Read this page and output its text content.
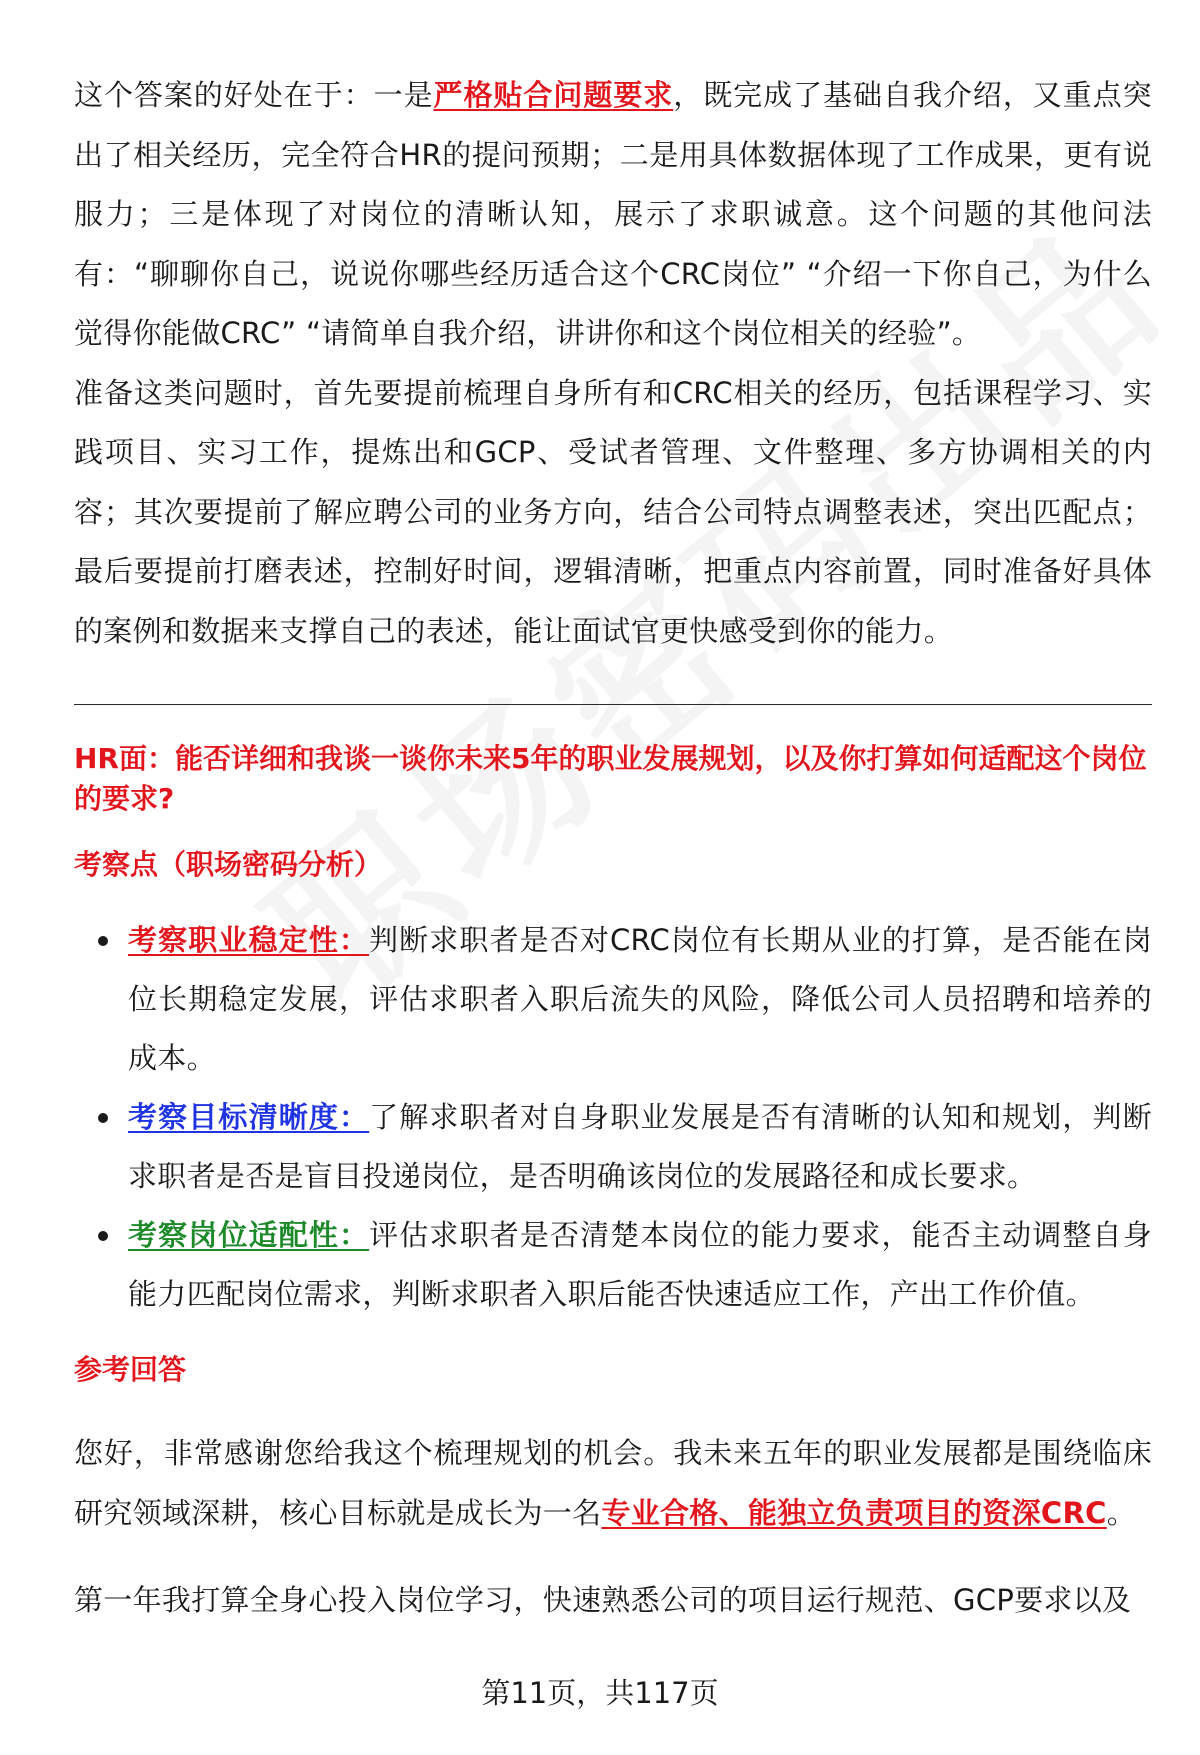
这个答案的好处在于：一是严格贴合问题要求，既完成了基础自我介绍，又重点突出了相关经历，完全符合HR的提问预期；二是用具体数据体现了工作成果，更有说服力；三是体现了对岗位的清晰认知，展示了求职诚意。这个问题的其他问法有：“聊聊你自己，说说你哪些经历适合这个CRC岗位” “介绍一下你自己，为什么觉得你能做CRC” “请简单自我介绍，讲讲你和这个岗位相关的经验”。

准备这类问题时，首先要提前梳理自身所有和CRC相关的经历，包括课程学习、实践项目、实习工作，提炼出和GCP、受试者管理、文件整理、多方协调相关的内容；其次要提前了解应聘公司的业务方向，结合公司特点调整表述，突出匹配点；最后要提前打磨表述，控制好时间，逻辑清晰，把重点内容前置，同时准备好具体的案例和数据来支撑自己的表述，能让面试官更快感受到你的能力。

HR面：能否详细和我谈一谈你未来5年的职业发展规划，以及你打算如何适配这个岗位的要求?
考察点（职场密码分析）
考察职业稳定性：判断求职者是否对CRC岗位有长期从业的打算，是否能在岗位长期稳定发展，评估求职者入职后流失的风险，降低公司人员招聘和培养的成本。
考察目标清晰度：了解求职者对自身职业发展是否有清晰的认知和规划，判断求职者是否是盲目投递岗位，是否明确该岗位的发展路径和成长要求。
考察岗位适配性：评估求职者是否清楚本岗位的能力要求，能否主动调整自身能力匹配岗位需求，判断求职者入职后能否快速适应工作，产出工作价值。
参考回答

您好，非常感谢您给我这个梳理规划的机会。我未来五年的职业发展都是围绕临床研究领域深耕，核心目标就是成长为一名专业合格、能独立负责项目的资深CRC。

第一年我打算全身心投入岗位学习，快速熟悉公司的项目运行规范、GCP要求以及

第11页，共117页
